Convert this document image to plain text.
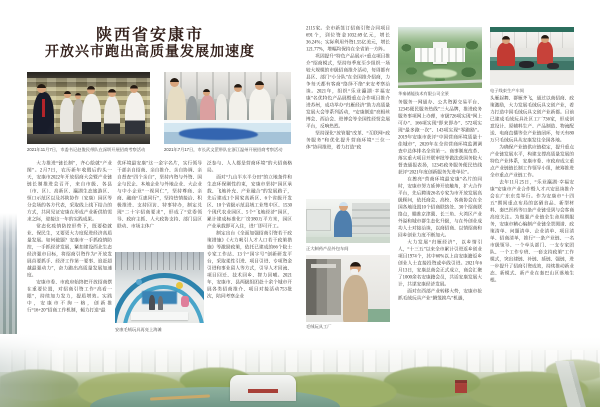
陕西省安康市
开放兴市跑出高质量发展加速度
2021年11月7日，市委书记赵俊民带队在深圳开展招商考察活动 2021年7月17日，市长武文罡带队在浙江温州开展招商考察活动

大力推进“链长制”，齐心绘就“产业图”。2月7日，农历新年收假后的头一天，安康市2022年开放招商大会暨产业链链长制推进会召开，来自市级、各县（市、区）、高新区、瀛湖生态旅游区、恒口示范区以及苏陕协作（安康）园区等分会场的各方代表，采取线上线下结合的方式，共同见证安康在形成产业新供给需求之际，迎接这一年的实践成果。

常态化疫情防控形势下，既要稳就业、保民生，又要更大力度促进经济高质量发展。如何破题？安康市一手抓疫情防控，一手抓经济发展，紧扣建设西北生态经济强市目标，将招商引资作为“开放发展首要抓手、经济工作第一要事、追赶超越最强动力”，奋力跑出高质量发展加速度。

安康市委、市政府始终把开放招商摆在重要位置，对招商引资工作“高看一眼”，持续加力发力，提质增效。实践中，安康市不拘一格，创新推行“16+20”招商工作机制，倾力打造“最

优环境最安康”这一金字名片，实行领导干部亲自招商、亲自推介、亲自协调、亲自督查“四个亲自”，坚持内资与外资、国企与民企、本地企业与外地企业、大企业与中小企业“一视同仁”，坚持尊商、亲商、融商“互惠同行”，坚持热情接洽、积极推进、支持回访、特事特办，制定兑现“二十字招商要求”，形成了“党委领导、政府主抓、人大政协支持、部门县区联动、市场主体广

泛参与、人人都是营商环境”的大招商格局。

面对“九山半水半分田”的立地条件和生态环保刚性约束，安康市坚持“园区承载、飞地补充、产业融合”的发展路子，先后建成1个国家高新区、6个省级开发区、10个省级示范县域工业集中区、1530个现代农业园区、5个“飞地经济”园区，累计建成标准化厂房380万平方米，园区产业承载即可入住，进厂即可开工。

制定出台《全面加强招商引资若干政策措施》《大力吸引人才人口若干政策措施》等激励政策，依托已建成的66个院士专家工作站、13个“国字号”创新研发平台，采取柔性引进、项目引进、专项资金引进和事业留人等方式，引导人才回流、项目回迁、技术回乡、智力回哺。2021年，安康市、县两级组团赴十余个城市开展各类招商推介、项目对接活动753批次，陪同考察企业

安康毛绒玩具再亮上海滩

2115家。全市新签订招商引资合同项目691个，到位资金1032.69亿元，增长36.24%；实际利用外资1.55亿美元，增长121.77%，增幅均保持在全省第一方阵。

巩固提升“特色产品展示+重点项目推介”招商模式，坚持每季度至少组织一场较大规模的市级招商推介活动，每周都有县区、部门“小分队”在全国推介招商，力争每天都有客商“络绎不绝”来安考察洽谈。2021年，组织“乐业瀛湖·幸福安康”名优特色产品展暨重点合作项目推介进苏州，成功举办“归雁经济”助力高质量发展大会等系列活动，“安康制造”亮相丝博会、西洽会、进博会等全国性经贸会展平台，反响热烈。

坚持深化“放管服”改革、“互联网+政务服务”和优化提升营商环境“三位一体”协同推进，着力打造“政

华秦储能技术有限公司全景
电子线束生产车间

务服务一网通办、公共资源交易平台、12345便民服务热线”三大品牌，推进政务服务事项网上办理，市级726项实现“网上可办”、166项实现“即来即办”、572项实现“最多跑一次”、143项实现“零跑路”。2019年安康市获评“中国营商环境质量十佳城市”，2020年在全省营商环境监测调查中总体排名全省第一。商事制度改革、落实重大项目并联审批等做法获国务院大督查通报表扬，12345政务服务便民热线获评“2021年度创新服务先进单位”。

在擦亮“营商环境最安康”名片的同时，安康市努力延伸开放触角，扩大合作平台，先后聘请26名专家为市开放发展高级顾问，依托商会、高校、各商协会在全国各地设置10个招商联络处、30个招商联络点，瞄准京津冀、长三角、大湾区产业外溢和城市群生态化升级，与在外创业成功人士对接洽谈，以商招商、以情招商和回乡创业力度不断加大。

大力发展“归雁经济”，以乡情引人，“十三五”以来全市累计引进返乡创业项目1974个，其中60%以上由安康籍返乡创业人士直接投资或牵线引进。2021年6月13日，安康总商会正式成立，商会汇聚了1000余名安康籍会员，共话安康发展大计，共谋安康经济发展。

面对东西部产业转移大势，安康市抢抓毛绒玩具产业“腾笼换鸟”机遇，

头雁起舞、群雁齐飞，通过以商招商、政策激励，大力发展毛绒玩具文创产业，着力打造中国毛绒玩具文创产业新都。目前已建成毛绒玩具社区工厂736家，形成创意设计、原辅料生产、产品制造、物流配送、电商直播等全产业链闭环，每天有80万只毛绒玩具从安康发往全国各地。

为确保产业链供应链稳定，提升重点产业链发展水平，构建支撑高质量发展的特色产业体系，安康市委、市政府成立重点产业链链长制工作领导小组，统筹推进全市重点产业链工作。

去年11月25日，“乐业瀛湖·幸福安康”安康市产业合作暨人才兴安恳谈推介会在广东东莞举行。作为安康市“十四五”期间重点布局的富硒食品、新型材料、秦巴医药等11条产业链受到与会客商高度关注。为做强产业链全生命周期服务，安康市精心编制产业链全景图谱、政策清单、问题清单、企业清单、项目清单、招商清单，推行“一条产业链、一名市级领导、一个牵头部门、一支专家团队、一个工作专班、一套支持政策”工作模式，突出建链、补链、延链、强链，进一步提升了招商引资成效，持续推动新业态、新模式、新产业在秦巴山区落地生根。

正大制药产品外包车间
毛绒玩具工厂
